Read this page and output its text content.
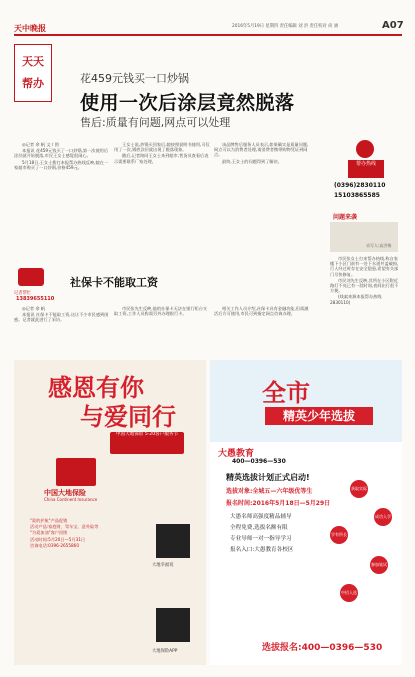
天中晚报	2016年5月19日 星期四 责任编辑 刘 洪 责任校对 尚 涵	A07
天天
帮办	花459元钱买一口炒锅
使用一次后涂层竟然脱落
售后:质量有问题,网点可以处理

◎记者 余 帆 文 / 图

本报讯 花459元钱买了一口炒锅,第一次使用后涂层就开始脱落,市民王女士感觉很闹心。

5月18日,王女士拨打本报帮办热线反映,她在一家超市购买了一口炒锅,价格459元。

王女士说,炒锅买回家后,她按照说明书使用,可仅用了一次,锅底涂层就出现了脱落现象。

随后,记者陪同王女士来到超市,售货员查看后表示需要联系厂家处理。

该品牌售后服务人员表示,如果确实是质量问题,网点可以为消费者处理,请消费者携带购物凭证到网点。

最终,王女士的问题得到了解决。	帮办热线
(0396)2830110
15103865585
问题来袭
采写人:高洪梅

市民张女士打来帮办热线,称自家楼下小区门前有一处下水道井盖破损,行人经过时存在安全隐患,希望有关部门尽快修复。

市民刘先生反映,其所在小区附近路灯不亮已有一段时间,夜间出行很不方便。

(线索来源本报帮办热线2830110)

记者帮忙
13839655110
社保卡不能取工资

◎记者 余 帆

本报讯 社保卡不能取工资,这让不少市民感到困惑。记者就此进行了采访。

市民张先生反映,他的社保卡无法在银行柜台支取工资,工作人员称需另外办理银行卡。

相关工作人员介绍,社保卡具有金融功能,但需激活后方可使用,市民可到指定网点咨询办理。

感恩有你
与爱同行
中国大地保险 5·20客户服务节
中国大地保险
China Continent Insurance

"爱的护航"产品促销

活动产品:家庭财、驾车宝、意外险等

"为爱加油"客户回馈

活动时间:5月20日—5月31日

咨询电话:0396-2655860

大地幸福说
大地保险APP
全市
精英少年选拔
大愚教育
400—0396—530
精英选拔计划正式启动!
选拔对象:全城五—六年级优等生
报名时间:2016年5月18日—5月29日
大愚名师高强度精品辅导
全程免费,选拔名额有限
专业导师一对一指导学习
报名入口:大愚教育各校区
获取实际评价
成功入学
学有所长
参加笔试
中招入选
选拔报名:400—0396—530
